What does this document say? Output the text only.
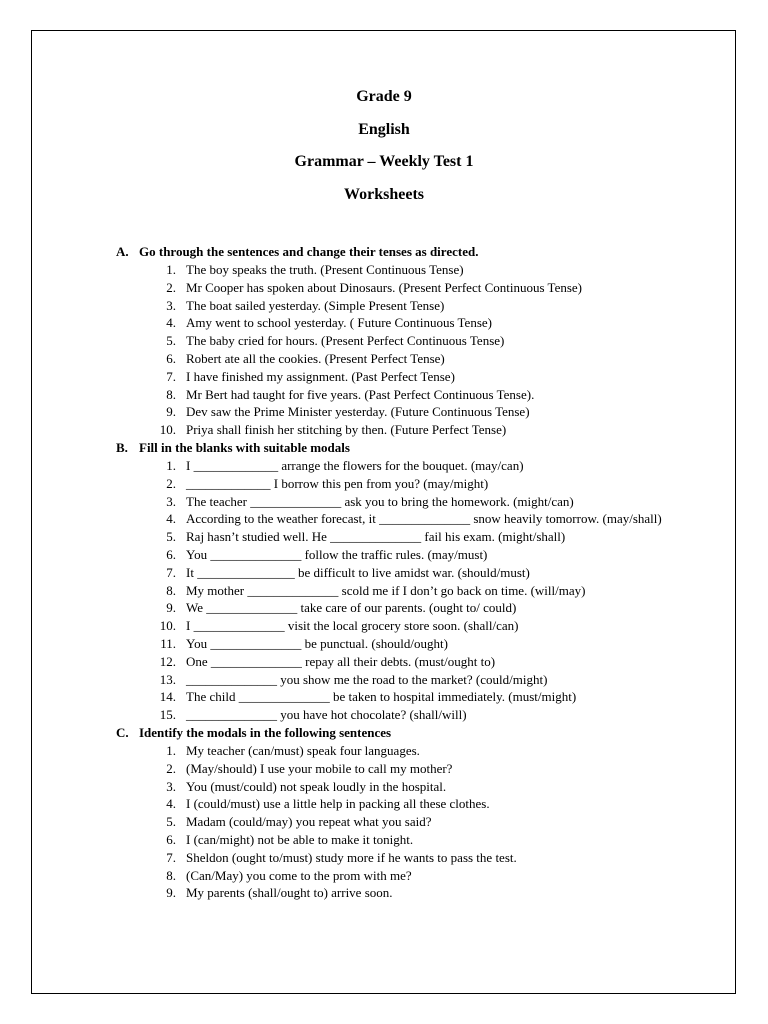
Grade 9
English
Grammar – Weekly Test 1
Worksheets
A. Go through the sentences and change their tenses as directed.
1. The boy speaks the truth. (Present Continuous Tense)
2. Mr Cooper has spoken about Dinosaurs. (Present Perfect Continuous Tense)
3. The boat sailed yesterday. (Simple Present Tense)
4. Amy went to school yesterday. ( Future Continuous Tense)
5. The baby cried for hours. (Present Perfect Continuous Tense)
6. Robert ate all the cookies. (Present Perfect Tense)
7. I have finished my assignment. (Past Perfect Tense)
8. Mr Bert had taught for five years. (Past Perfect Continuous Tense).
9. Dev saw the Prime Minister yesterday. (Future Continuous Tense)
10. Priya shall finish her stitching by then. (Future Perfect Tense)
B. Fill in the blanks with suitable modals
1. I _____________ arrange the flowers for the bouquet. (may/can)
2. _____________ I borrow this pen from you? (may/might)
3. The teacher ______________ ask you to bring the homework. (might/can)
4. According to the weather forecast, it ______________ snow heavily tomorrow. (may/shall)
5. Raj hasn’t studied well. He ______________ fail his exam. (might/shall)
6. You ______________ follow the traffic rules. (may/must)
7. It _______________ be difficult to live amidst war. (should/must)
8. My mother ______________ scold me if I don’t go back on time. (will/may)
9. We ______________ take care of our parents. (ought to/ could)
10. I ______________ visit the local grocery store soon. (shall/can)
11. You ______________ be punctual. (should/ought)
12. One ______________ repay all their debts. (must/ought to)
13. ______________ you show me the road to the market? (could/might)
14. The child ______________ be taken to hospital immediately. (must/might)
15. ______________ you have hot chocolate? (shall/will)
C. Identify the modals in the following sentences
1. My teacher (can/must) speak four languages.
2. (May/should) I use your mobile to call my mother?
3. You (must/could) not speak loudly in the hospital.
4. I (could/must) use a little help in packing all these clothes.
5. Madam (could/may) you repeat what you said?
6. I (can/might) not be able to make it tonight.
7. Sheldon (ought to/must) study more if he wants to pass the test.
8. (Can/May) you come to the prom with me?
9. My parents (shall/ought to) arrive soon.
